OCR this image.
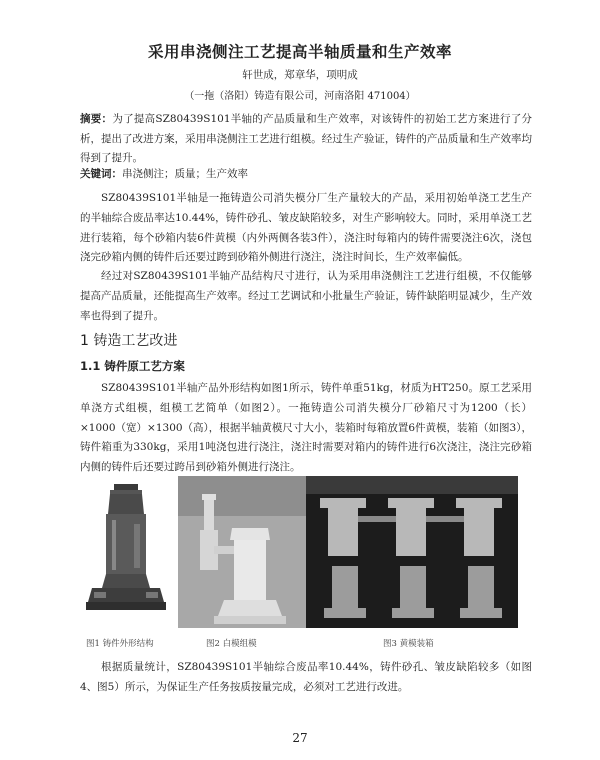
采用串浇侧注工艺提高半轴质量和生产效率
轩世成，郑章华，项明成
（一拖（洛阳）铸造有限公司，河南洛阳 471004）
摘要：为了提高SZ80439S101半轴的产品质量和生产效率，对该铸件的初始工艺方案进行了分析，提出了改进方案，采用串浇侧注工艺进行组模。经过生产验证，铸件的产品质量和生产效率均得到了提升。
关键词：串浇侧注；质量；生产效率
SZ80439S101半轴是一拖铸造公司消失模分厂生产量较大的产品，采用初始单浇工艺生产的半轴综合废品率达10.44%，铸件砂孔、皱皮缺陷较多，对生产影响较大。同时，采用单浇工艺进行装箱，每个砂箱内装6件黄模（内外两侧各装3件），浇注时每箱内的铸件需要浇注6次，浇包浇完砂箱内侧的铸件后还要过跨到砂箱外侧进行浇注，浇注时间长，生产效率偏低。
经过对SZ80439S101半轴产品结构尺寸进行，认为采用串浇侧注工艺进行组模，不仅能够提高产品质量，还能提高生产效率。经过工艺调试和小批量生产验证，铸件缺陷明显减少，生产效率也得到了提升。
1 铸造工艺改进
1.1 铸件原工艺方案
SZ80439S101半轴产品外形结构如图1所示，铸件单重51kg，材质为HT250。原工艺采用单浇方式组模，组模工艺简单（如图2）。一拖铸造公司消失模分厂砂箱尺寸为1200（长）×1000（宽）×1300（高），根据半轴黄模尺寸大小，装箱时每箱放置6件黄模，装箱（如图3），铸件箱重为330kg，采用1吨浇包进行浇注，浇注时需要对箱内的铸件进行6次浇注，浇注完砂箱内侧的铸件后还要过跨吊到砂箱外侧进行浇注。
图1 铸件外形结构	图2 白模组模	图3 黄模装箱
根据质量统计，SZ80439S101半轴综合废品率10.44%，铸件砂孔、皱皮缺陷较多（如图4、图5）所示，为保证生产任务按质按量完成，必须对工艺进行改进。
27
